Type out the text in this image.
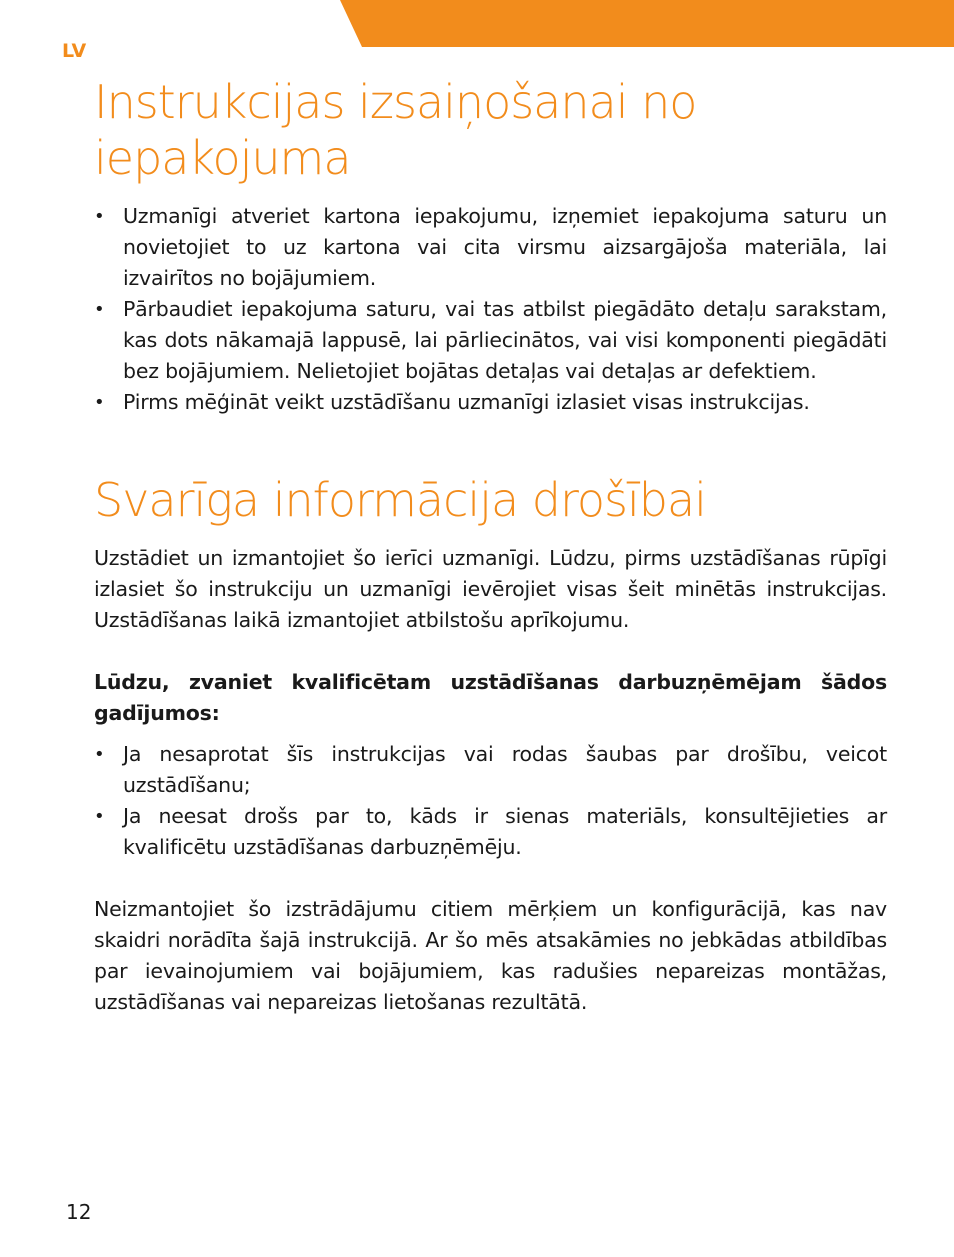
LV
Instrukcijas izsaiņošanai no iepakojuma
• Uzmanīgi atveriet kartona iepakojumu, izņemiet iepakojuma saturu un novietojiet to uz kartona vai cita virsmu aizsargājoša materiāla, lai izvairītos no bojājumiem.
• Pārbaudiet iepakojuma saturu, vai tas atbilst piegādāto detaļu sarakstam, kas dots nākamajā lappusē, lai pārliecinātos, vai visi komponenti piegādāti bez bojājumiem. Nelietojiet bojātas detaļas vai detaļas ar defektiem.
• Pirms mēģināt veikt uzstādīšanu uzmanīgi izlasiet visas instrukcijas.
Svarīga informācija drošībai
Uzstādiet un izmantojiet šo ierīci uzmanīgi. Lūdzu, pirms uzstādīšanas rūpīgi izlasiet šo instrukciju un uzmanīgi ievērojiet visas šeit minētās instrukcijas. Uzstādīšanas laikā izmantojiet atbilstošu aprīkojumu.
Lūdzu, zvaniet kvalificētam uzstādīšanas darbuzņēmējam šādos gadījumos:
• Ja nesaprotat šīs instrukcijas vai rodas šaubas par drošību, veicot uzstādīšanu;
• Ja neesat drošs par to, kāds ir sienas materiāls, konsultējieties ar kvalificētu uzstādīšanas darbuzņēmēju.
Neizmantojiet šo izstrādājumu citiem mērķiem un konfigurācijā, kas nav skaidri norādīta šajā instrukcijā. Ar šo mēs atsakāmies no jebkādas atbildības par ievainojumiem vai bojājumiem, kas radušies nepareizas montāžas, uzstādīšanas vai nepareizas lietošanas rezultātā.
12
